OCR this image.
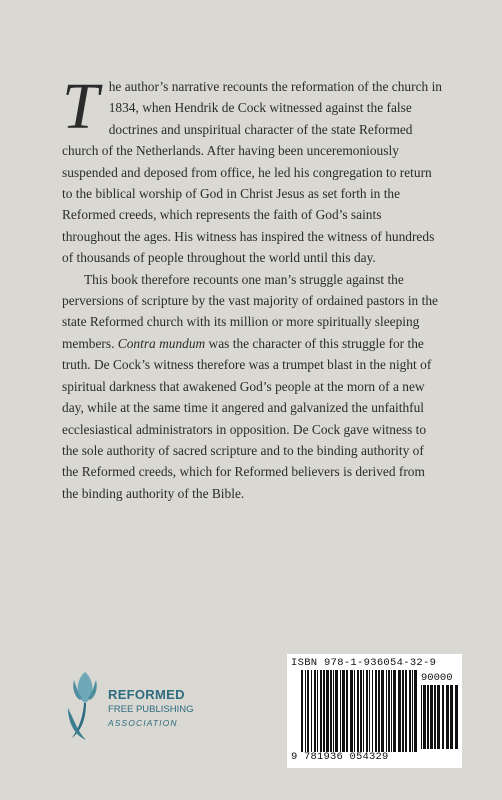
The author’s narrative recounts the reformation of the church in 1834, when Hendrik de Cock witnessed against the false doctrines and unspiritual character of the state Reformed church of the Netherlands. After having been unceremoniously suspended and deposed from office, he led his congregation to return to the biblical worship of God in Christ Jesus as set forth in the Reformed creeds, which represents the faith of God’s saints throughout the ages. His witness has inspired the witness of hundreds of thousands of people throughout the world until this day.

This book therefore recounts one man’s struggle against the perversions of scripture by the vast majority of ordained pastors in the state Reformed church with its million or more spiritually sleeping members. Contra mundum was the character of this struggle for the truth. De Cock’s witness therefore was a trumpet blast in the night of spiritual darkness that awakened God’s people at the morn of a new day, while at the same time it angered and galvanized the unfaithful ecclesiastical administrators in opposition. De Cock gave witness to the sole authority of sacred scripture and to the binding authority of the Reformed creeds, which for Reformed believers is derived from the binding authority of the Bible.

REFORMED
FREE PUBLISHING
ASSOCIATION
ISBN 978-1-936054-32-9
90000
9 781936 054329
